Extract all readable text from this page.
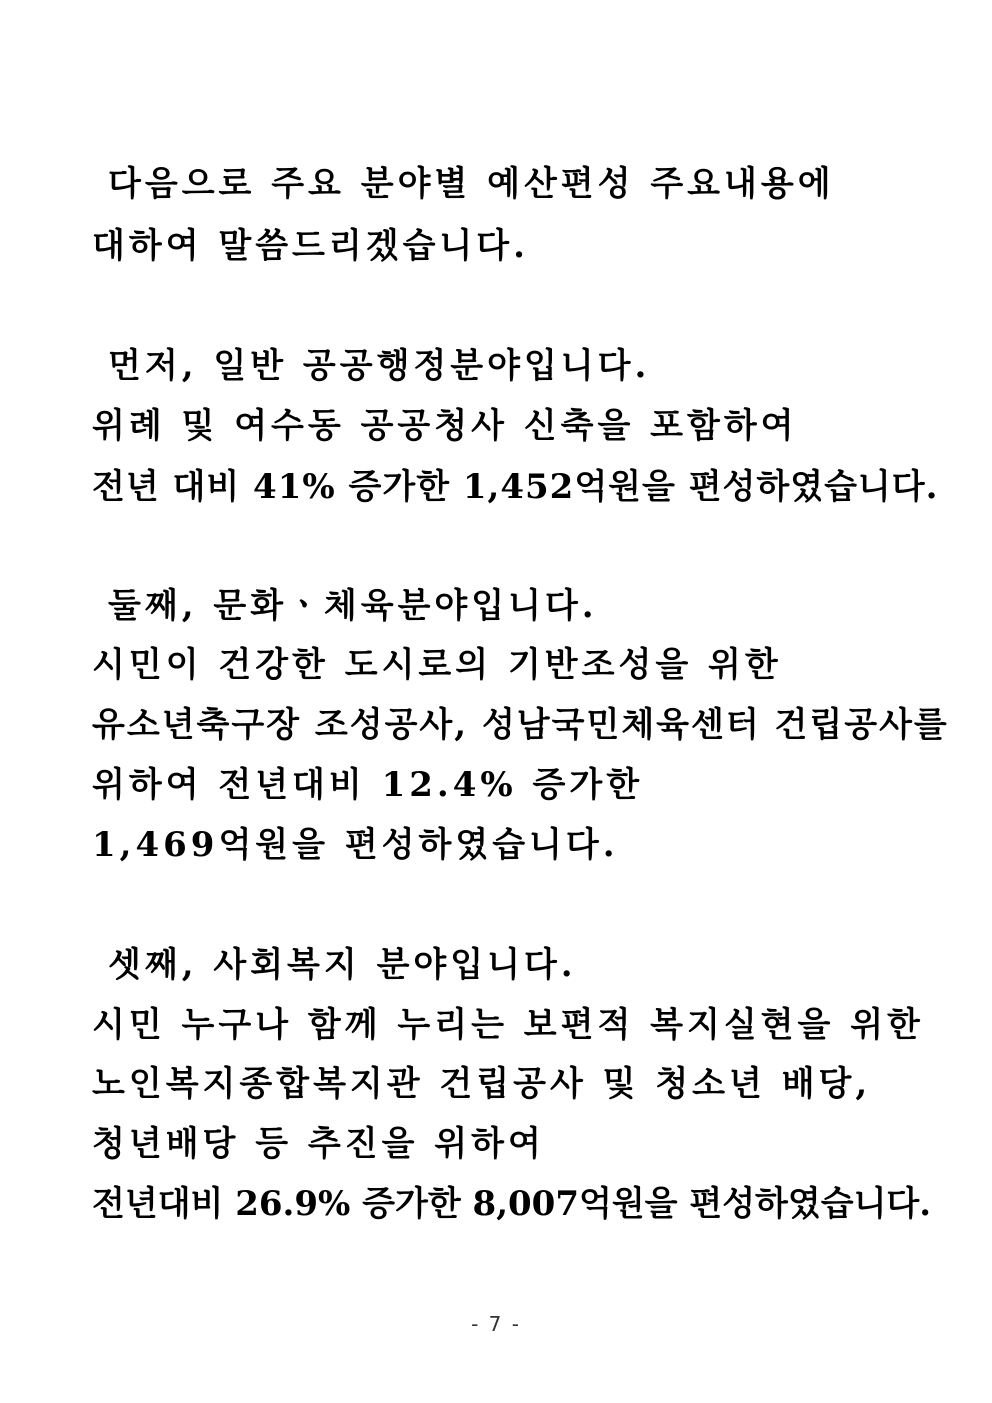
다음으로 주요 분야별 예산편성 주요내용에
대하여 말씀드리겠습니다.
먼저, 일반 공공행정분야입니다.
위례 및 여수동 공공청사 신축을 포함하여
전년 대비 41% 증가한 1,452억원을 편성하였습니다.
둘째, 문화ㆍ체육분야입니다.
시민이 건강한 도시로의 기반조성을 위한
유소년축구장 조성공사, 성남국민체육센터 건립공사를
위하여 전년대비 12.4% 증가한
1,469억원을 편성하였습니다.
셋째, 사회복지 분야입니다.
시민 누구나 함께 누리는 보편적 복지실현을 위한
노인복지종합복지관 건립공사 및 청소년 배당,
청년배당 등 추진을 위하여
전년대비 26.9% 증가한 8,007억원을 편성하였습니다.
- 7 -
